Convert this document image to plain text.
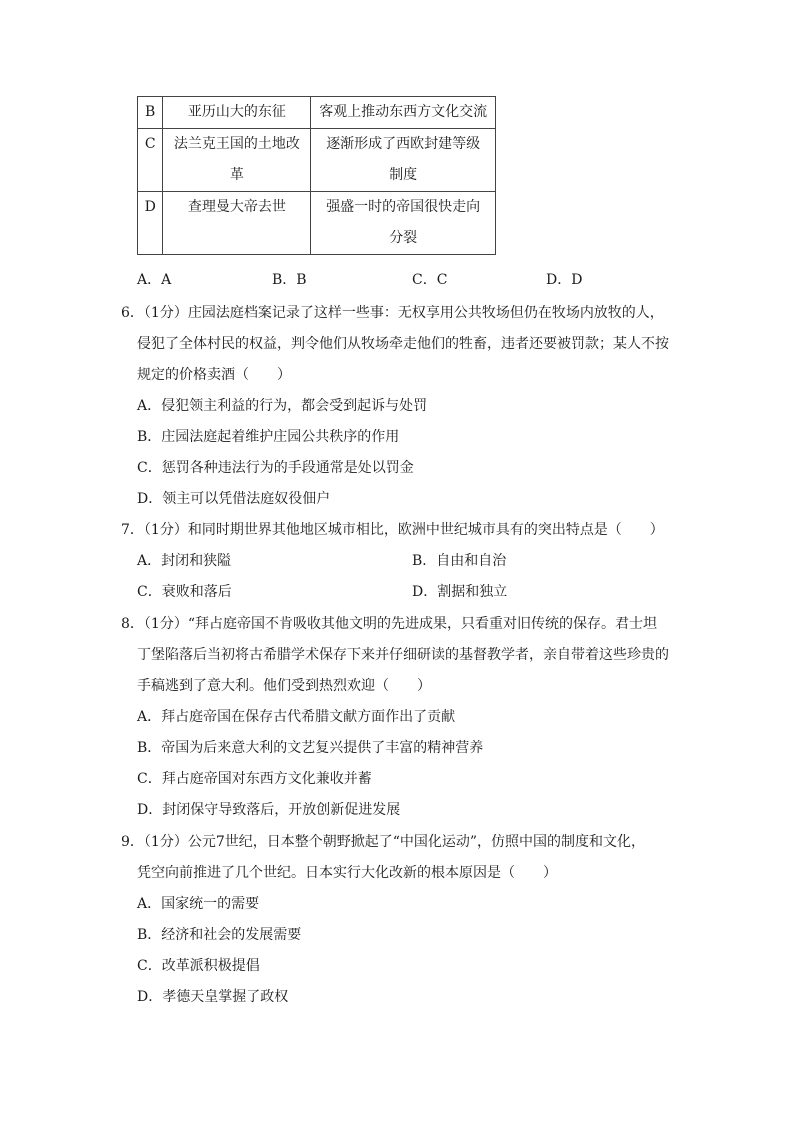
B	亚历山大的东征	客观上推动东西方文化交流
C	法兰克王国的土地改革	逐渐形成了西欧封建等级制度
D	查理曼大帝去世	强盛一时的帝国很快走向分裂
A．A	B．B	C．C	D．D
6．（1分）庄园法庭档案记录了这样一些事：无权享用公共牧场但仍在牧场内放牧的人，
侵犯了全体村民的权益，判令他们从牧场牵走他们的牲畜，违者还要被罚款；某人不按
规定的价格卖酒（　　）
A．侵犯领主利益的行为，都会受到起诉与处罚
B．庄园法庭起着维护庄园公共秩序的作用
C．惩罚各种违法行为的手段通常是处以罚金
D．领主可以凭借法庭奴役佃户
7．（1分）和同时期世界其他地区城市相比，欧洲中世纪城市具有的突出特点是（　　）
A．封闭和狭隘	B．自由和自治
C．衰败和落后	D．割据和独立
8．（1分）“拜占庭帝国不肯吸收其他文明的先进成果，只看重对旧传统的保存。君士坦
丁堡陷落后当初将古希腊学术保存下来并仔细研读的基督教学者，亲自带着这些珍贵的
手稿逃到了意大利。他们受到热烈欢迎（　　）
A．拜占庭帝国在保存古代希腊文献方面作出了贡献
B．帝国为后来意大利的文艺复兴提供了丰富的精神营养
C．拜占庭帝国对东西方文化兼收并蓄
D．封闭保守导致落后，开放创新促进发展
9．（1分）公元7世纪，日本整个朝野掀起了“中国化运动”，仿照中国的制度和文化，
凭空向前推进了几个世纪。日本实行大化改新的根本原因是（　　）
A．国家统一的需要
B．经济和社会的发展需要
C．改革派积极提倡
D．孝德天皇掌握了政权
